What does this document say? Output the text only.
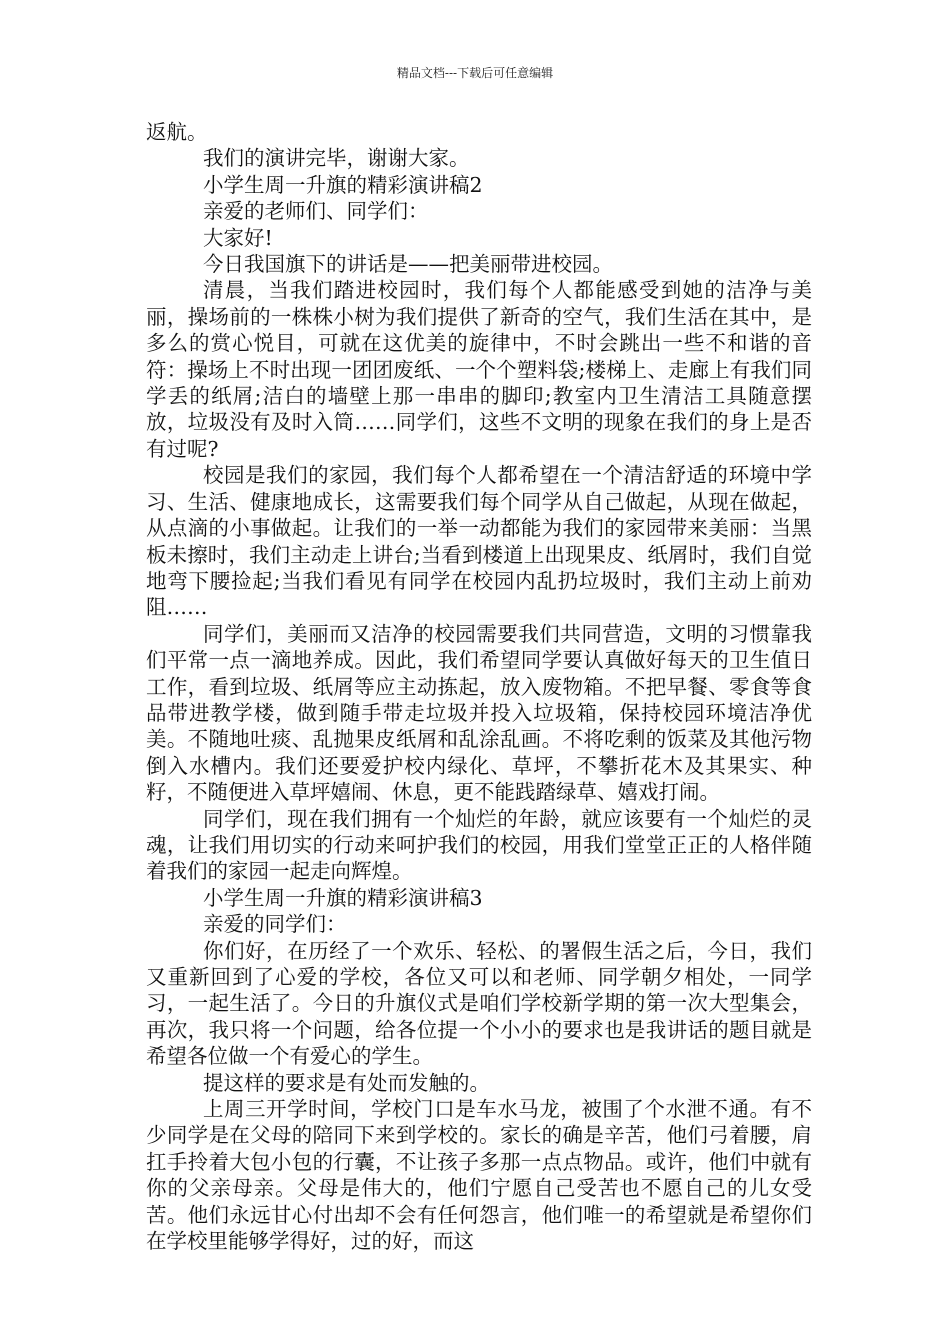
精品文档---下载后可任意编辑

返航。

我们的演讲完毕，谢谢大家。

小学生周一升旗的精彩演讲稿2

亲爱的老师们、同学们：

大家好!

今日我国旗下的讲话是——把美丽带进校园。

清晨，当我们踏进校园时，我们每个人都能感受到她的洁净与美丽，操场前的一株株小树为我们提供了新奇的空气，我们生活在其中，是多么的赏心悦目，可就在这优美的旋律中，不时会跳出一些不和谐的音符：操场上不时出现一团团废纸、一个个塑料袋;楼梯上、走廊上有我们同学丢的纸屑;洁白的墙壁上那一串串的脚印;教室内卫生清洁工具随意摆放，垃圾没有及时入筒……同学们，这些不文明的现象在我们的身上是否有过呢?

校园是我们的家园，我们每个人都希望在一个清洁舒适的环境中学习、生活、健康地成长，这需要我们每个同学从自己做起，从现在做起，从点滴的小事做起。让我们的一举一动都能为我们的家园带来美丽：当黑板未擦时，我们主动走上讲台;当看到楼道上出现果皮、纸屑时，我们自觉地弯下腰捡起;当我们看见有同学在校园内乱扔垃圾时，我们主动上前劝阻……

同学们，美丽而又洁净的校园需要我们共同营造，文明的习惯靠我们平常一点一滴地养成。因此，我们希望同学要认真做好每天的卫生值日工作，看到垃圾、纸屑等应主动拣起，放入废物箱。不把早餐、零食等食品带进教学楼，做到随手带走垃圾并投入垃圾箱，保持校园环境洁净优美。不随地吐痰、乱抛果皮纸屑和乱涂乱画。不将吃剩的饭菜及其他污物倒入水槽内。我们还要爱护校内绿化、草坪，不攀折花木及其果实、种籽，不随便进入草坪嬉闹、休息，更不能践踏绿草、嬉戏打闹。

同学们，现在我们拥有一个灿烂的年龄，就应该要有一个灿烂的灵魂，让我们用切实的行动来呵护我们的校园，用我们堂堂正正的人格伴随着我们的家园一起走向辉煌。

小学生周一升旗的精彩演讲稿3

亲爱的同学们：

你们好，在历经了一个欢乐、轻松、的署假生活之后，今日，我们又重新回到了心爱的学校，各位又可以和老师、同学朝夕相处，一同学习，一起生活了。今日的升旗仪式是咱们学校新学期的第一次大型集会，再次，我只将一个问题，给各位提一个小小的要求也是我讲话的题目就是希望各位做一个有爱心的学生。

提这样的要求是有处而发触的。

上周三开学时间，学校门口是车水马龙，被围了个水泄不通。有不少同学是在父母的陪同下来到学校的。家长的确是辛苦，他们弓着腰，肩扛手拎着大包小包的行囊，不让孩子多那一点点物品。或许，他们中就有你的父亲母亲。父母是伟大的，他们宁愿自己受苦也不愿自己的儿女受苦。他们永远甘心付出却不会有任何怨言，他们唯一的希望就是希望你们在学校里能够学得好，过的好，而这
